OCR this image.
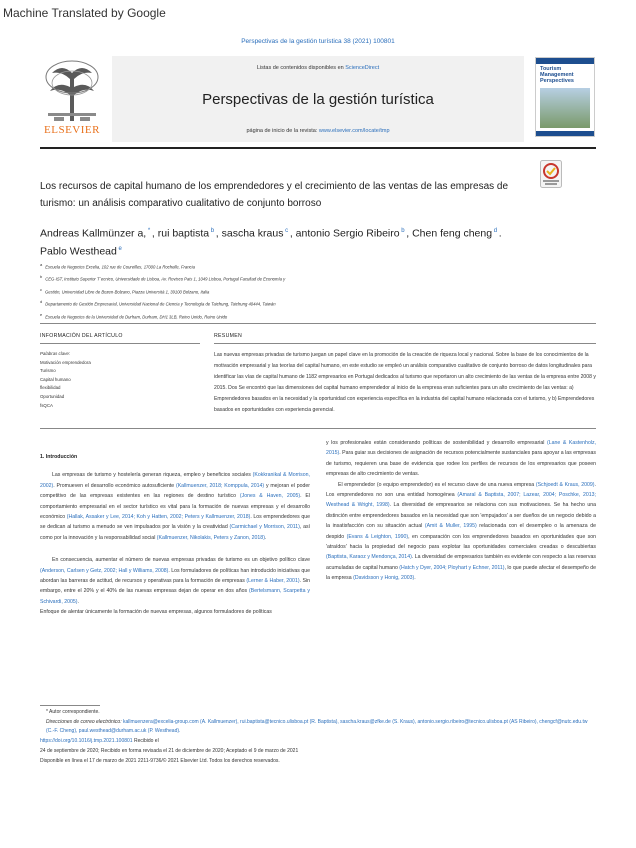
Machine Translated by Google
Perspectivas de la gestión turística 38 (2021) 100801
ELSEVIER
Listas de contenidos disponibles en ScienceDirect
Perspectivas de la gestión turística
página de inicio de la revista: www.elsevier.com/locate/tmp
Tourism Management Perspectives
Los recursos de capital humano de los emprendedores y el crecimiento de las ventas de las empresas de turismo: un análisis comparativo cualitativo de conjunto borroso
Andreas Kallmünzer a, * , rui baptista $^b$ , sascha kraus $^c$ , antonio Sergio Ribeiro $^b$ , Chen feng cheng $^d$ . Pablo Westhead $^e$
$^a$ Escuela de Negocios Excelia, 102 rue de Coureilles, 17000 La Rochelle, Francia
$^b$ CEG-IST, Instituto Superior T´ecnico, Universidade de Lisboa, Av. Rovisco Pais 1, 1049 Lisboa, Portugal Facultad de Economía y
$^c$ Gestión, Universidad Libre de Bozen-Bolzano, Piazza Università 1, 39100 Bolzano, Italia
$^d$ Departamento de Gestión Empresarial, Universidad Nacional de Ciencia y Tecnología de Taichung, Taichung 40444, Taiwán
$^e$ Escuela de Negocios de la Universidad de Durham, Durham, DH1 3LB, Reino Unido, Reino Unido
INFORMACIÓN DEL ARTÍCULO
Palabras clave:
Motivación emprendedora
Turismo
Capital humano
flexibilidad
Oportunidad
fsQCA
RESUMEN
Las nuevas empresas privadas de turismo juegan un papel clave en la promoción de la creación de riqueza local y nacional. Sobre la base de los conocimientos de la motivación empresarial y las teorías del capital humano, en este estudio se empleó un análisis comparativo cualitativo de conjunto borroso de datos longitudinales para identificar las vías de capital humano de 1182 empresarios en Portugal dedicados al turismo que reportaron un alto crecimiento de las ventas de la empresa entre 2008 y 2015. Dos Se encontró que las dimensiones del capital humano emprendedor al inicio de la empresa eran suficientes para un alto crecimiento de las ventas: a) Emprendedores basados en la necesidad y la oportunidad con experiencia específica en la industria del capital humano relacionada con el turismo, y b) Emprendedores basados en oportunidades con experiencia gerencial.
1. Introducción

Las empresas de turismo y hostelería generan riqueza, empleo y beneficios sociales (Kokkranikal & Morrison, 2002). Promueven el desarrollo económico autosuficiente (Kallmuenzer, 2018; Komppula, 2014) y mejoran el poder competitivo de las empresas existentes en las regiones de destino turístico (Jones & Haven, 2005). El comportamiento empresarial en el sector turístico es vital para la formación de nuevas empresas y el desarrollo económico (Hallak, Assaker y Lee, 2014; Koh y Hatten, 2002; Peters y Kallmuenzer, 2018). Los emprendedores que se dedican al turismo a menudo se ven impulsados por la visión y la creatividad (Carmichael y Morrison, 2011), así como por la innovación y la responsabilidad social (Kallmuenzer, Nikolakis, Peters y Zanon, 2018).

En consecuencia, aumentar el número de nuevas empresas privadas de turismo es un objetivo político clave (Anderson, Carlsen y Getz, 2002; Hall y Williams, 2008). Los formuladores de políticas han introducido iniciativas que abordan las barreras de actitud, de recursos y operativas para la formación de empresas (Lerner & Haber, 2001). Sin embargo, entre el 20% y el 40% de las nuevas empresas dejan de operar en dos años (Bertelsmann, Scarpetta y Schivardi, 2005).

Enfoque de alentar únicamente la formación de nuevas empresas, algunos formuladores de políticas

y los profesionales están considerando políticas de sostenibilidad y desarrollo empresarial (Lane & Kastenholz, 2015). Para guiar sus decisiones de asignación de recursos potencialmente sustanciales para apoyar a las empresas de turismo, requieren una base de evidencia que rodee los perfiles de recursos de los empresarios que poseen empresas de alto crecimiento de ventas.

El emprendedor (o equipo emprendedor) es el recurso clave de una nueva empresa (Schjoedt & Kraus, 2009). Los emprendedores no son una entidad homogénea (Amaral & Baptista, 2007; Lazear, 2004; Poschke, 2013; Westhead & Wright, 1998). La diversidad de empresarios se relaciona con sus motivaciones. Se ha hecho una distinción entre emprendedores basados en la necesidad que son 'empujados' a ser dueños de un negocio debido a la insatisfacción con su situación actual (Amit & Muller, 1995) relacionada con el desempleo o la amenaza de despido (Evans & Leighton, 1990), en comparación con los emprendedores basados en oportunidades que son 'atraídos' hacia la propiedad del negocio para explotar las oportunidades comerciales creadas o descubiertas (Baptista, Karaoz y Mendonça, 2014). La diversidad de empresarios también es evidente con respecto a las reservas acumuladas de capital humano (Hatch y Dyer, 2004; Ployhart y Echner, 2011), lo que puede afectar el desempeño de la empresa (Davidsson y Honig, 2003).

* Autor correspondiente.
Direcciones de correo electrónico: kallmuenzera@excelia-group.com (A. Kallmuenzer), rui.baptista@tecnico.ulisboa.pt (R. Baptista), sascha.kraus@zfke.de (S. Kraus), antonio.sergio.ribeiro@tecnico.ulisboa.pt (AS Ribeiro), chengcf@nutc.edu.tw (C.-F. Cheng), paul.westhead@durham.ac.uk (P. Westhead).
https://doi.org/10.1016/j.tmp.2021.100801 Recibido el
24 de septiembre de 2020; Recibido en forma revisada el 21 de diciembre de 2020; Aceptado el 9 de marzo de 2021
Disponible en línea el 17 de marzo de 2021 2211-9736/© 2021 Elsevier Ltd. Todos los derechos reservados.
